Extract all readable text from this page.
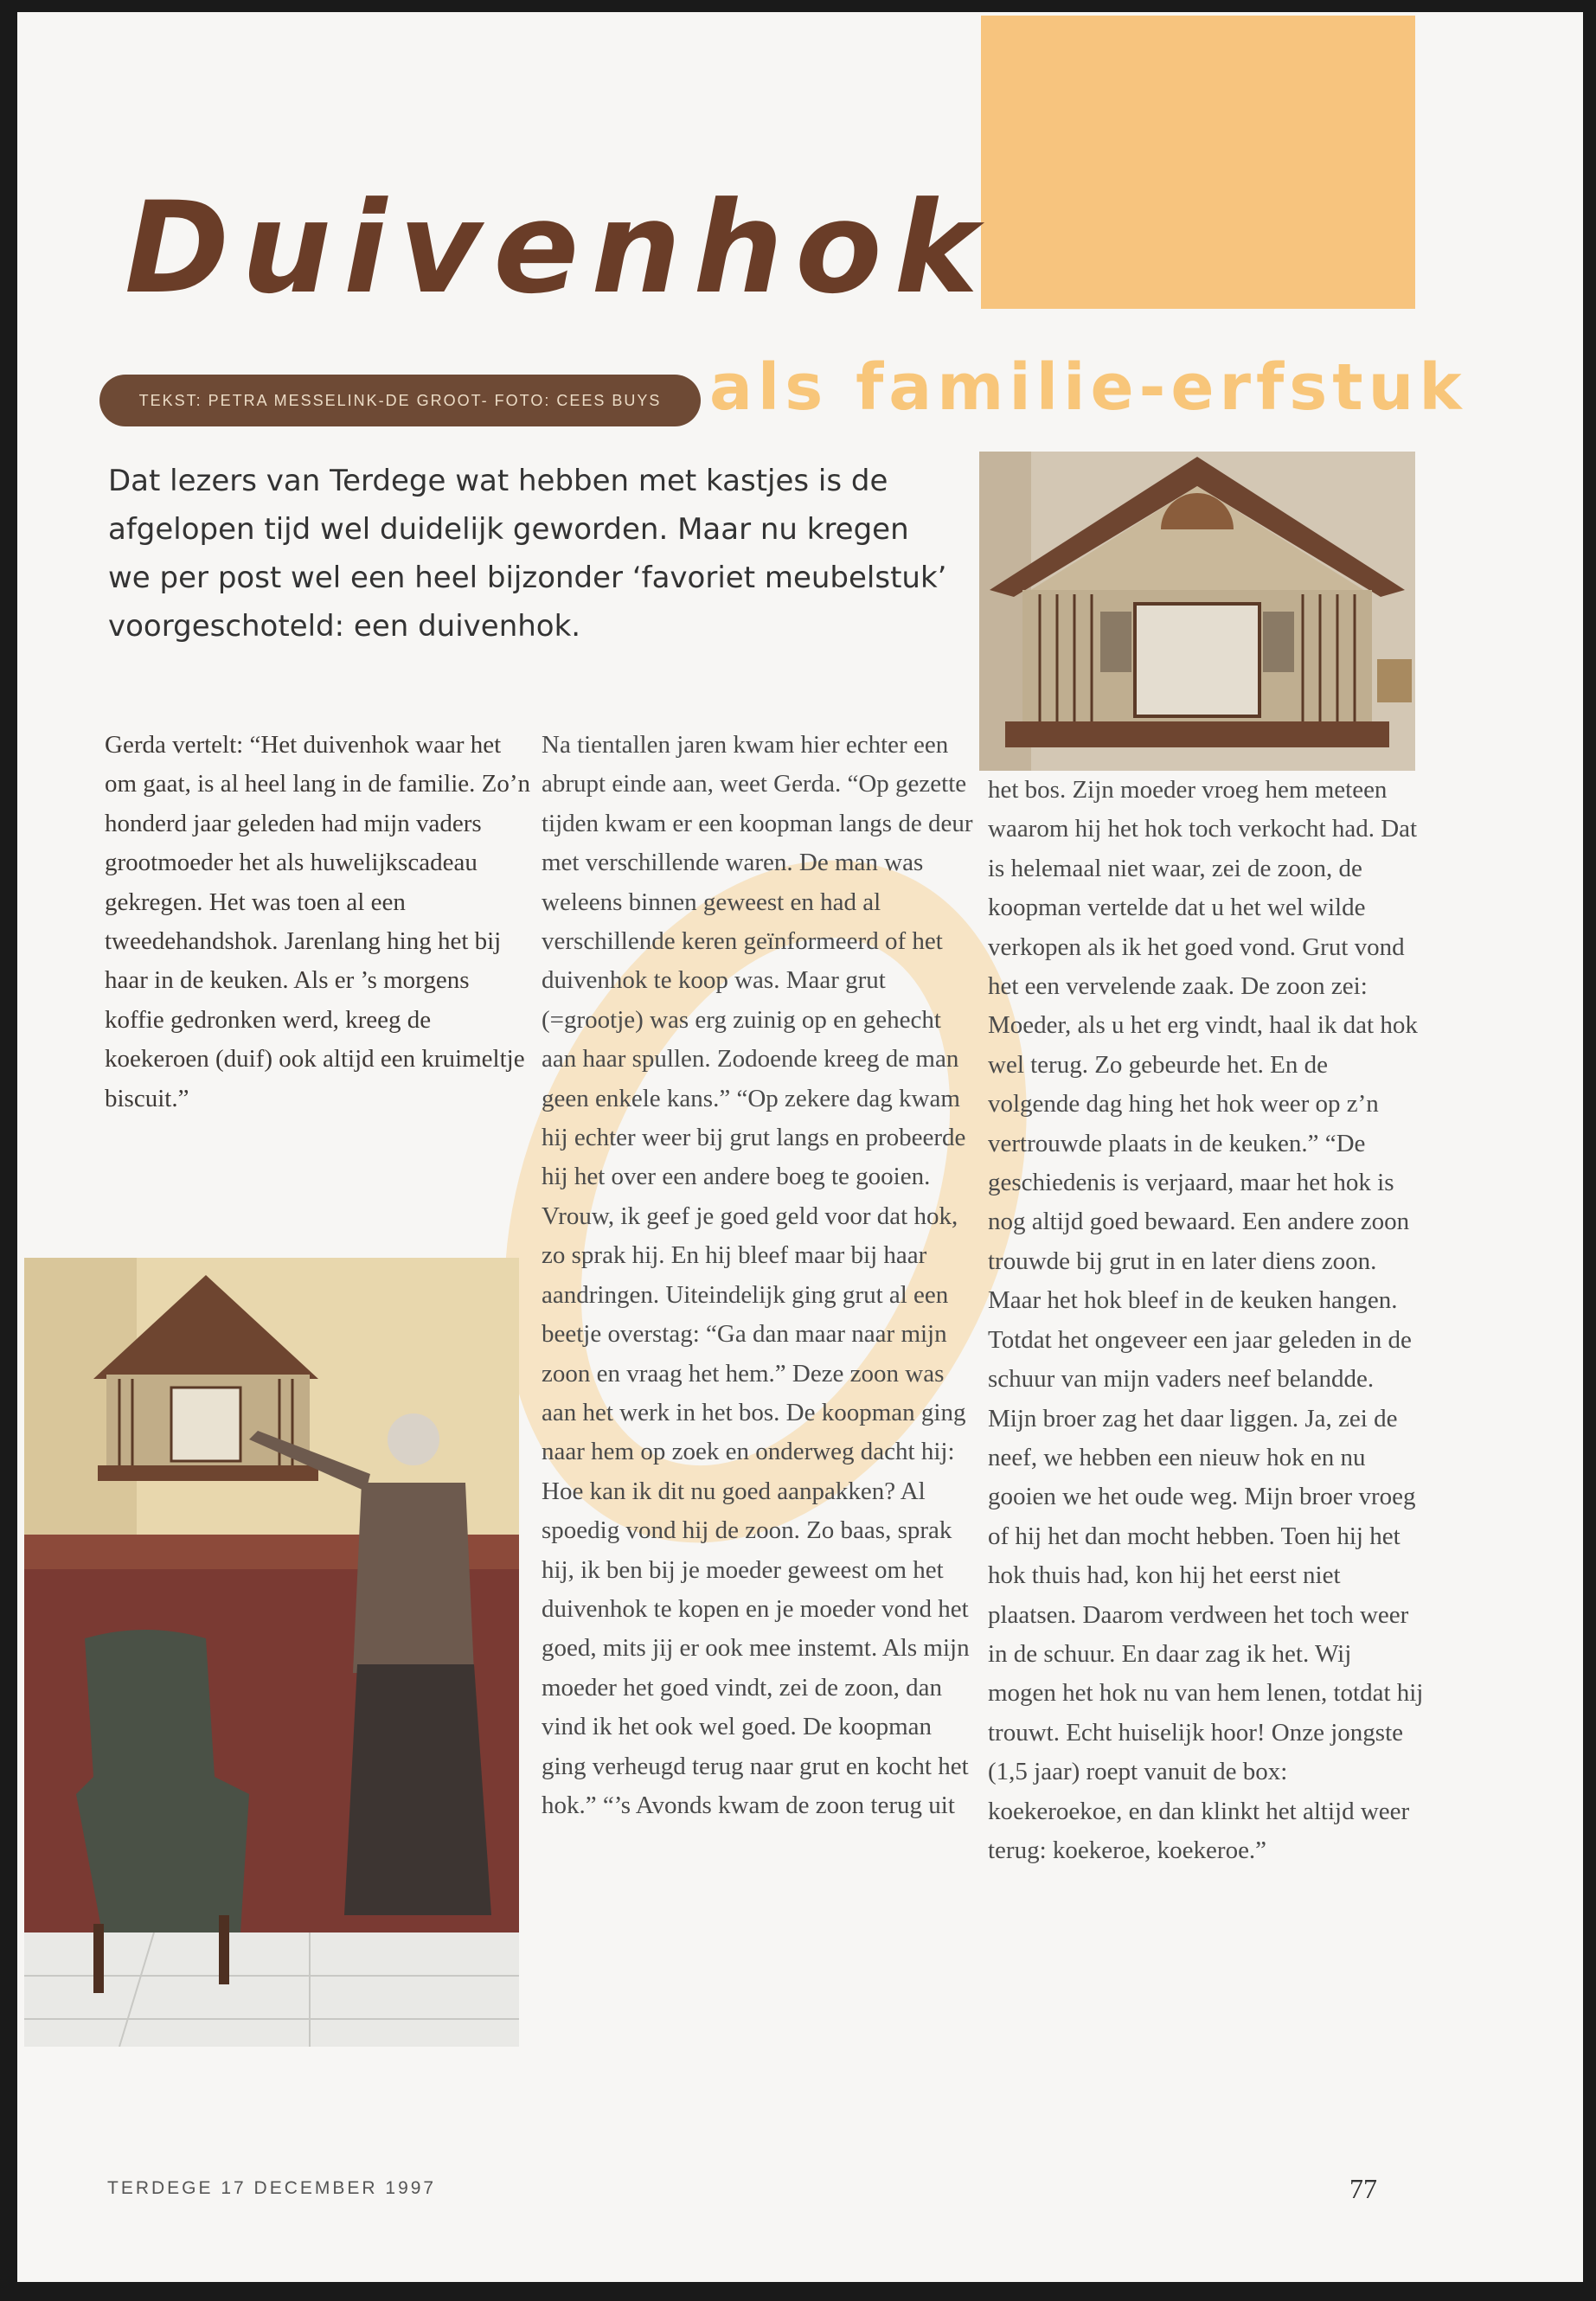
Duivenhok
TEKST: PETRA MESSELINK-DE GROOT- FOTO: CEES BUYS als familie-erfstuk

Dat lezers van Terdege wat hebben met kastjes is de afgelopen tijd wel duidelijk geworden. Maar nu kregen we per post wel een heel bijzonder ‘favoriet meubelstuk’ voorgeschoteld: een duivenhok.

Gerda vertelt: “Het duivenhok waar het om gaat, is al heel lang in de familie. Zo’n honderd jaar geleden had mijn vaders grootmoeder het als huwelijkscadeau gekregen. Het was toen al een tweedehandshok. Jarenlang hing het bij haar in de keuken. Als er ’s morgens koffie gedronken werd, kreeg de koekeroen (duif) ook altijd een kruimeltje biscuit.”

Na tientallen jaren kwam hier echter een abrupt einde aan, weet Gerda. “Op gezette tijden kwam er een koopman langs de deur met verschillende waren. De man was weleens binnen geweest en had al verschillende keren geïnformeerd of het duivenhok te koop was. Maar grut (=grootje) was erg zuinig op en gehecht aan haar spullen. Zodoende kreeg de man geen enkele kans.” “Op zekere dag kwam hij echter weer bij grut langs en probeerde hij het over een andere boeg te gooien. Vrouw, ik geef je goed geld voor dat hok, zo sprak hij. En hij bleef maar bij haar aandringen. Uiteindelijk ging grut al een beetje overstag: “Ga dan maar naar mijn zoon en vraag het hem.” Deze zoon was aan het werk in het bos. De koopman ging naar hem op zoek en onderweg dacht hij: Hoe kan ik dit nu goed aanpakken? Al spoedig vond hij de zoon. Zo baas, sprak hij, ik ben bij je moeder geweest om het duivenhok te kopen en je moeder vond het goed, mits jij er ook mee instemt. Als mijn moeder het goed vindt, zei de zoon, dan vind ik het ook wel goed. De koopman ging verheugd terug naar grut en kocht het hok.” “’s Avonds kwam de zoon terug uit

het bos. Zijn moeder vroeg hem meteen waarom hij het hok toch verkocht had. Dat is helemaal niet waar, zei de zoon, de koopman vertelde dat u het wel wilde verkopen als ik het goed vond. Grut vond het een vervelende zaak. De zoon zei: Moeder, als u het erg vindt, haal ik dat hok wel terug. Zo gebeurde het. En de volgende dag hing het hok weer op z’n vertrouwde plaats in de keuken.” “De geschiedenis is verjaard, maar het hok is nog altijd goed bewaard. Een andere zoon trouwde bij grut in en later diens zoon. Maar het hok bleef in de keuken hangen. Totdat het ongeveer een jaar geleden in de schuur van mijn vaders neef belandde. Mijn broer zag het daar liggen. Ja, zei de neef, we hebben een nieuw hok en nu gooien we het oude weg. Mijn broer vroeg of hij het dan mocht hebben. Toen hij het hok thuis had, kon hij het eerst niet plaatsen. Daarom verdween het toch weer in de schuur. En daar zag ik het. Wij mogen het hok nu van hem lenen, totdat hij trouwt. Echt huiselijk hoor! Onze jongste (1,5 jaar) roept vanuit de box: koekeroekoe, en dan klinkt het altijd weer terug: koekeroe, koekeroe.”

TERDEGE 17 DECEMBER 1997	77
